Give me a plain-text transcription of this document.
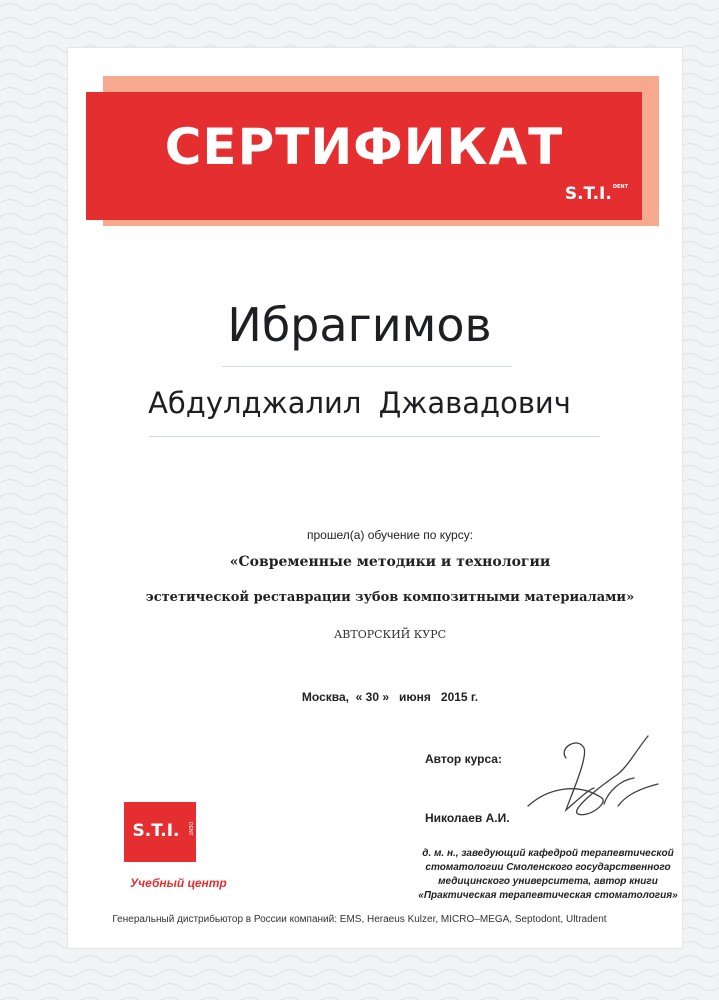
СЕРТИФИКАТ
S.T.I.$^{DENT}$
Ибрагимов
Абдулджалил Джавадович
прошел(а) обучение по курсу:
«Современные методики и технологии
эстетической реставрации зубов композитными материалами»
АВТОРСКИЙ КУРС
Москва,  « 30 »   июня   2015 г.
Автор курса:
Николаев А.И.
д. м. н., заведующий кафедрой терапевтической
стоматологии Смоленского государственного
медицинского университета, автор книги
«Практическая терапевтическая стоматология»
S.T.I.	DENT
Учебный центр
Генеральный дистрибьютор в России компаний: EMS, Heraeus Kulzer, MICRO–MEGA, Septodont, Ultradent
